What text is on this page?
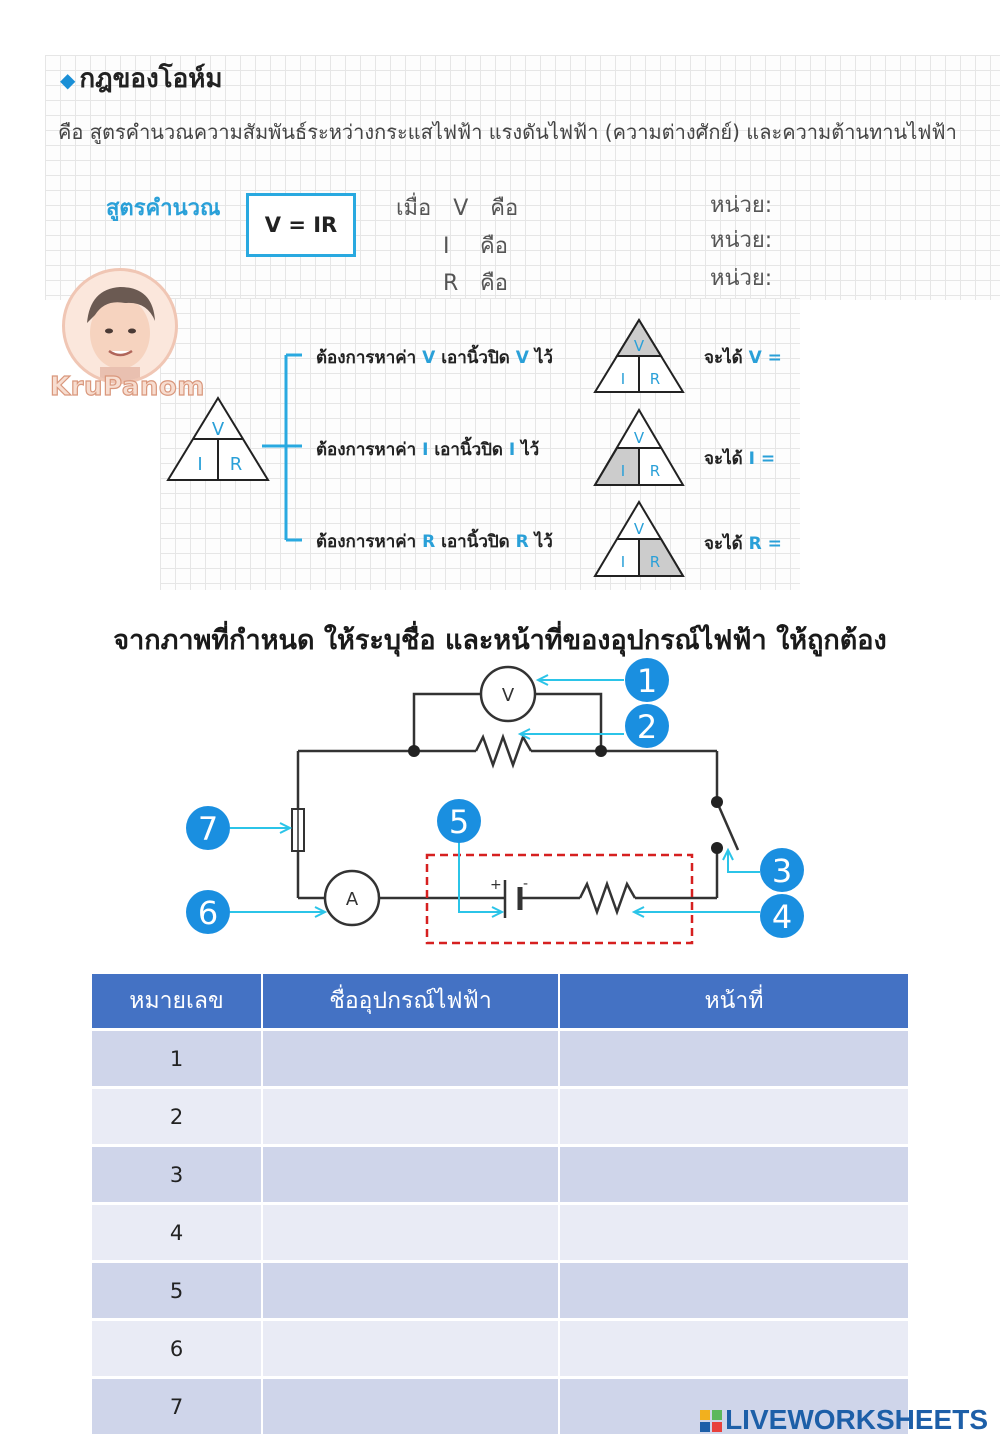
◆ กฎของโอห์ม
คือ สูตรคำนวณความสัมพันธ์ระหว่างกระแสไฟฟ้า แรงดันไฟฟ้า (ความต่างศักย์) และความต้านทานไฟฟ้า
สูตรคำนวณ
V = IR
เมื่อ V คือ
I คือ
R คือ
หน่วย:
หน่วย:
หน่วย:
KruPanom
V
I R
V
I R
V
I R
V
I R
ต้องการหาค่า V เอานิ้วปิด V ไว้
ต้องการหาค่า I เอานิ้วปิด I ไว้
ต้องการหาค่า R เอานิ้วปิด R ไว้
จะได้ V =
จะได้ I =
จะได้ R =
จากภาพที่กำหนด ให้ระบุชื่อ และหน้าที่ของอุปกรณ์ไฟฟ้า ให้ถูกต้อง
V
A
+ -
1
2
3
4
5
6
7
หมายเลข	ชื่ออุปกรณ์ไฟฟ้า	หน้าที่
1		
2		
3		
4		
5		
6		
7			LIVEWORKSHEETS
